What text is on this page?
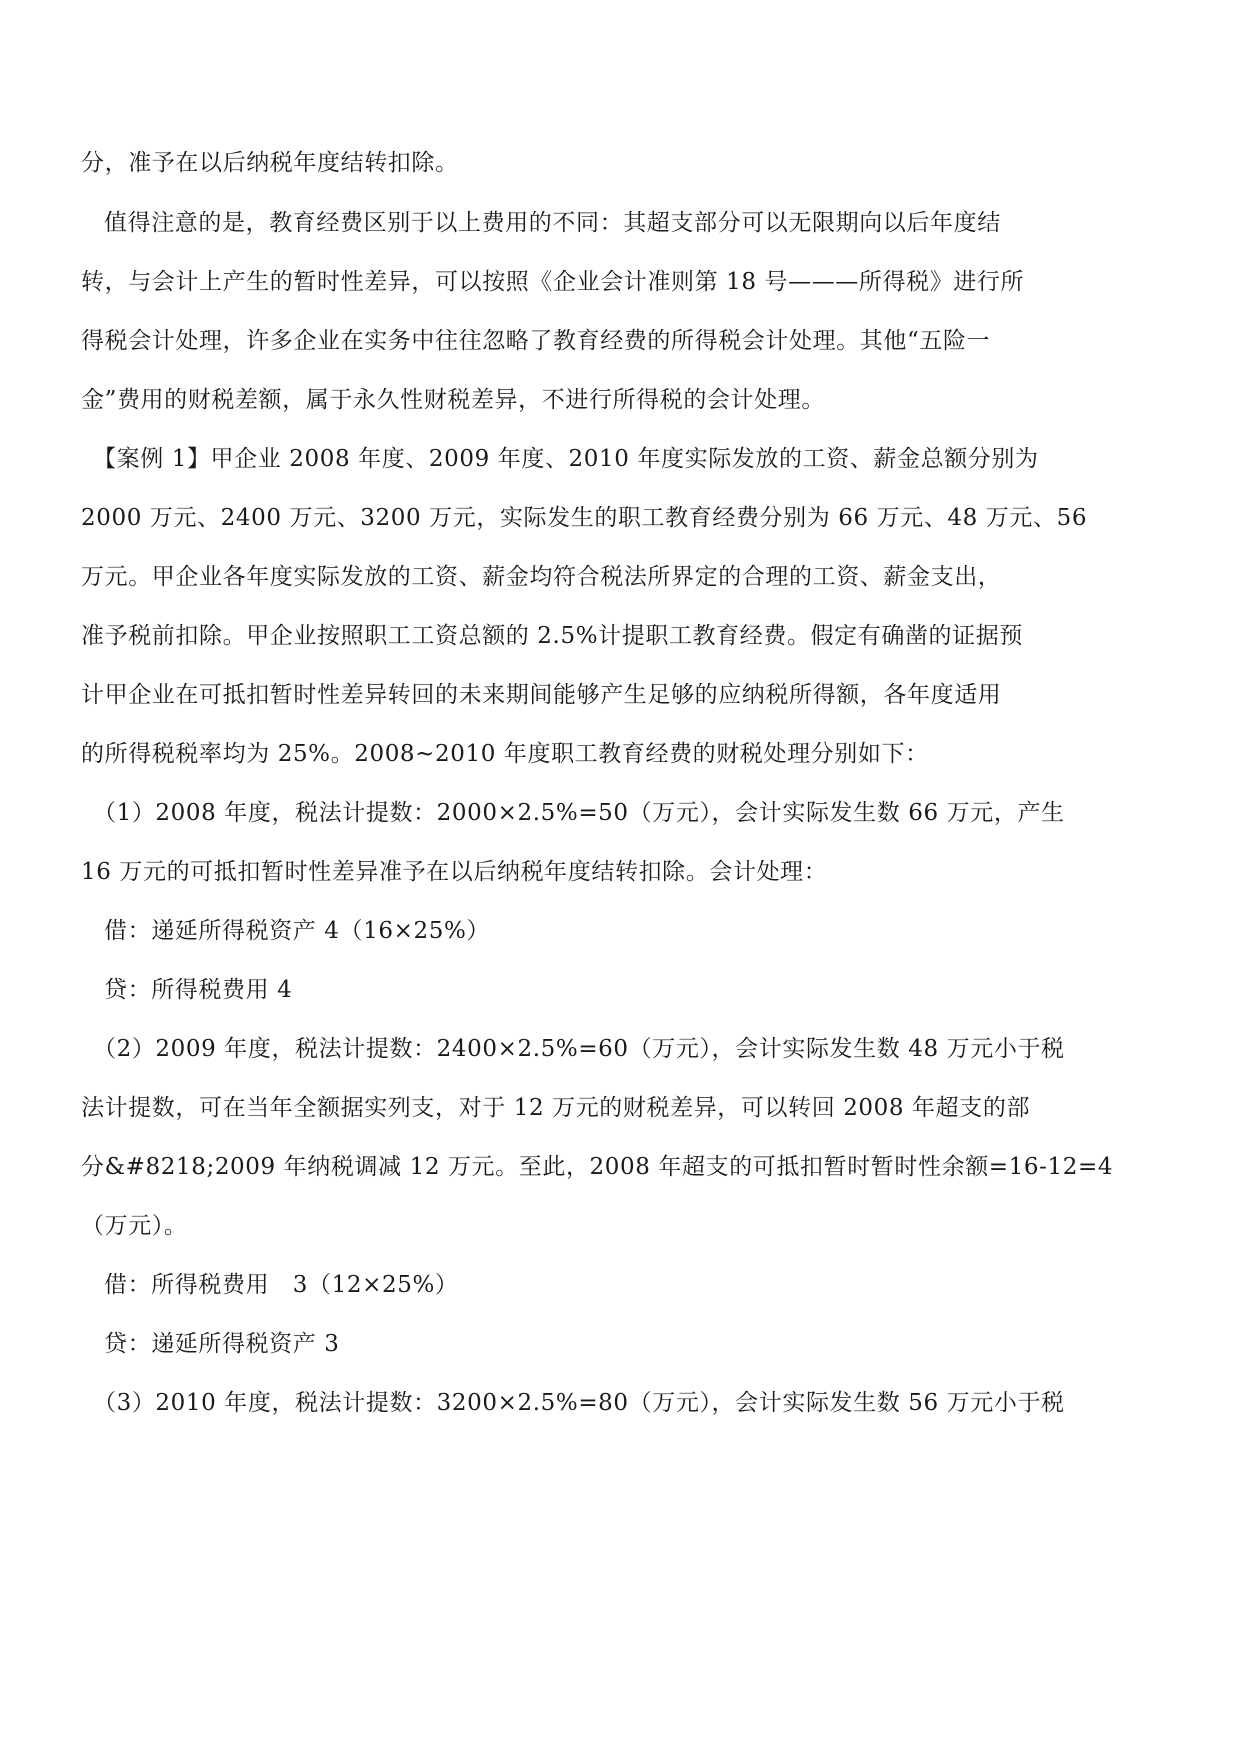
分，准予在以后纳税年度结转扣除。
值得注意的是，教育经费区别于以上费用的不同：其超支部分可以无限期向以后年度结
转，与会计上产生的暂时性差异，可以按照《企业会计准则第 18 号———所得税》进行所
得税会计处理，许多企业在实务中往往忽略了教育经费的所得税会计处理。其他“五险一
金”费用的财税差额，属于永久性财税差异，不进行所得税的会计处理。
【案例 1】甲企业 2008 年度、2009 年度、2010 年度实际发放的工资、薪金总额分别为
2000 万元、2400 万元、3200 万元，实际发生的职工教育经费分别为 66 万元、48 万元、56
万元。甲企业各年度实际发放的工资、薪金均符合税法所界定的合理的工资、薪金支出，
准予税前扣除。甲企业按照职工工资总额的 2.5%计提职工教育经费。假定有确凿的证据预
计甲企业在可抵扣暂时性差异转回的未来期间能够产生足够的应纳税所得额，各年度适用
的所得税税率均为 25%。2008~2010 年度职工教育经费的财税处理分别如下：
（1）2008 年度，税法计提数：2000×2.5%=50（万元），会计实际发生数 66 万元，产生
16 万元的可抵扣暂时性差异准予在以后纳税年度结转扣除。会计处理：
借：递延所得税资产 4（16×25%）
贷：所得税费用 4
（2）2009 年度，税法计提数：2400×2.5%=60（万元），会计实际发生数 48 万元小于税
法计提数，可在当年全额据实列支，对于 12 万元的财税差异，可以转回 2008 年超支的部
分&#8218;2009 年纳税调减 12 万元。至此，2008 年超支的可抵扣暂时暂时性余额=16-12=4
（万元）。
借：所得税费用　3（12×25%）
贷：递延所得税资产 3
（3）2010 年度，税法计提数：3200×2.5%=80（万元），会计实际发生数 56 万元小于税
